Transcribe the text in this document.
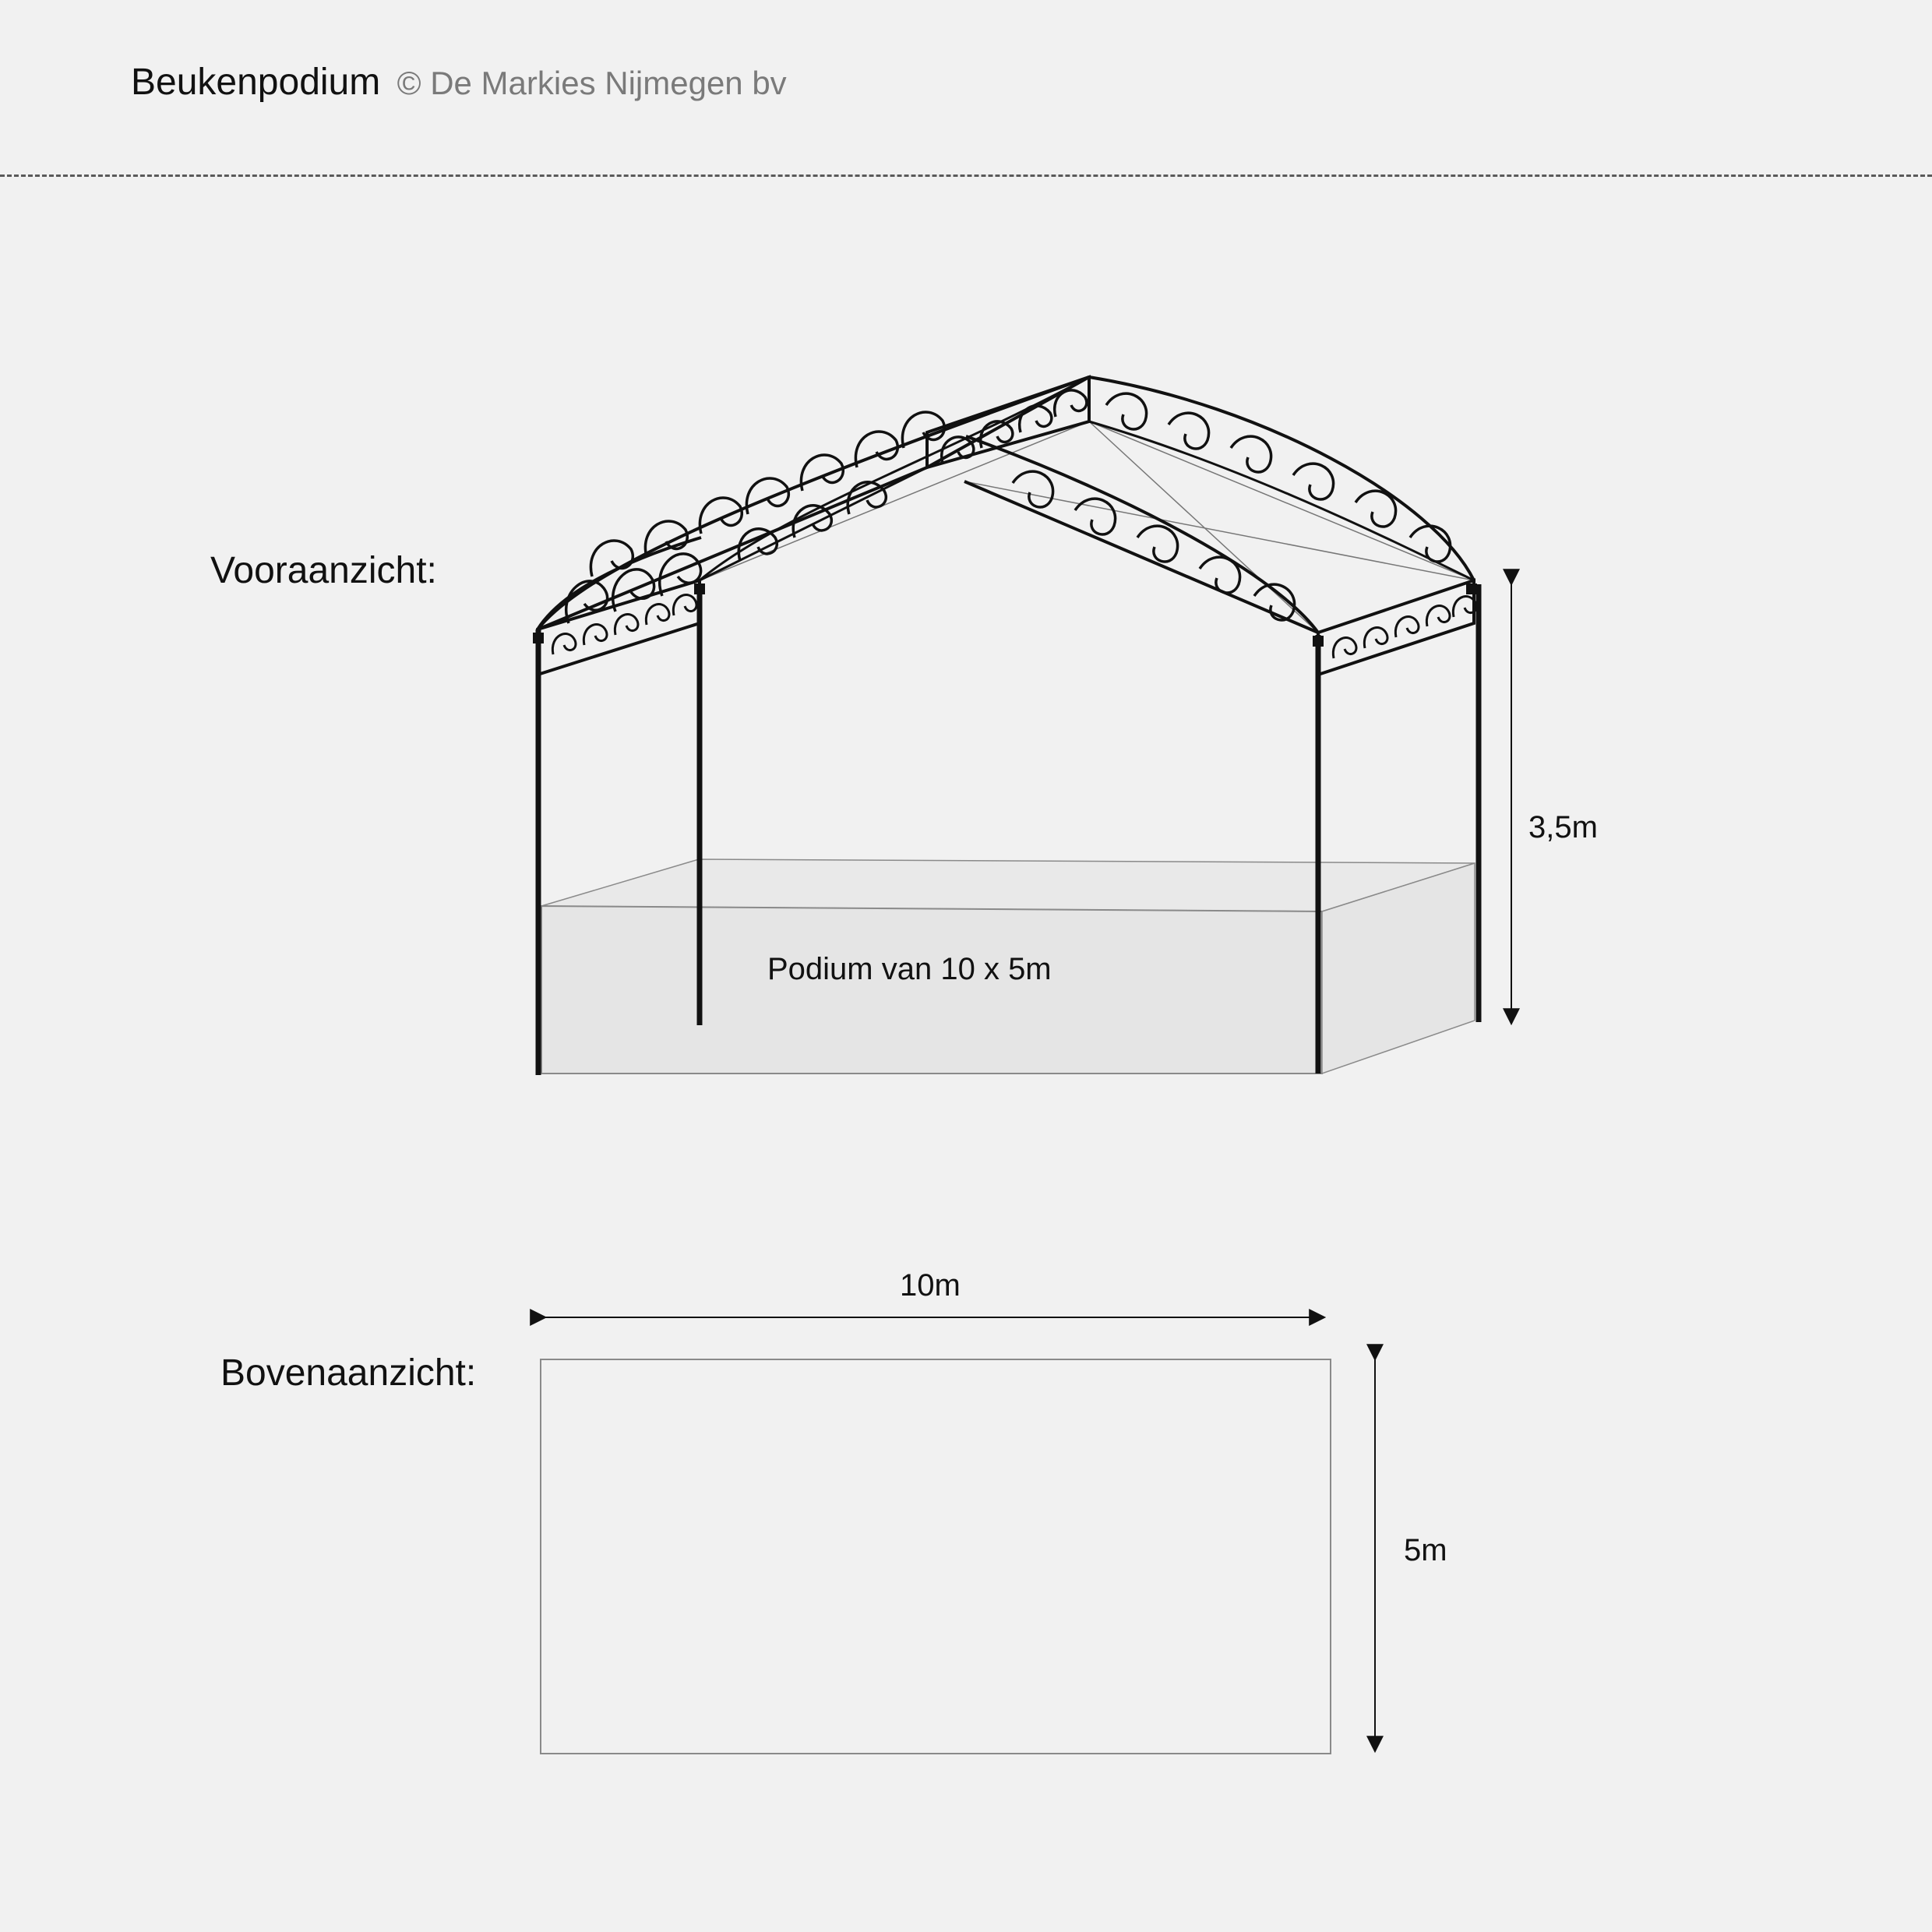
Beukenpodium © De Markies Nijmegen bv
Vooraanzicht:
Bovenaanzicht:
Podium van 10 x 5m
3,5m
10m
5m
